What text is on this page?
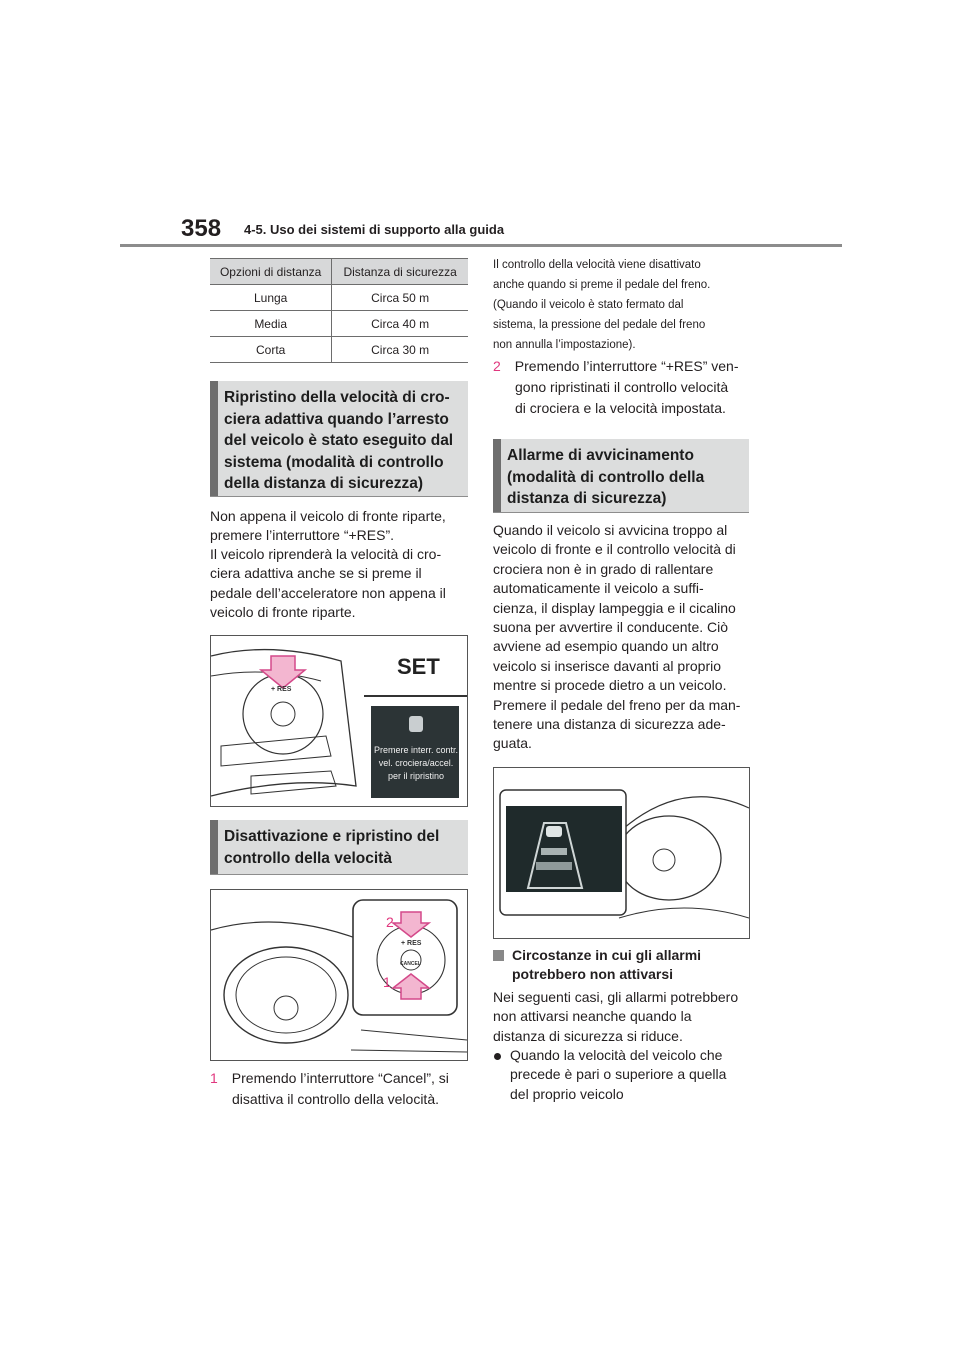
358 4-5. Uso dei sistemi di supporto alla guida
Opzioni di distanza	Distanza di sicurezza
Lunga	Circa 50 m
Media	Circa 40 m
Corta	Circa 30 m
Ripristino della velocità di cro-
ciera adattiva quando l’arresto
del veicolo è stato eseguito dal
sistema (modalità di controllo
della distanza di sicurezza)
Non appena il veicolo di fronte riparte,
premere l’interruttore “+RES”.
Il veicolo riprenderà la velocità di cro-
ciera adattiva anche se si preme il
pedale dell’acceleratore non appena il
veicolo di fronte riparte.
+ RES
SET
Premere interr. contr.
vel. crociera/accel.
per il ripristino
Disattivazione e ripristino del
controllo della velocità
+ RES
CANCEL
2
1
1 Premendo l’interruttore “Cancel”, si
disattiva il controllo della velocità.
Il controllo della velocità viene disattivato
anche quando si preme il pedale del freno.
(Quando il veicolo è stato fermato dal
sistema, la pressione del pedale del freno
non annulla l’impostazione).
2 Premendo l’interruttore “+RES” ven-
gono ripristinati il controllo velocità
di crociera e la velocità impostata.
Allarme di avvicinamento
(modalità di controllo della
distanza di sicurezza)
Quando il veicolo si avvicina troppo al
veicolo di fronte e il controllo velocità di
crociera non è in grado di rallentare
automaticamente il veicolo a suffi-
cienza, il display lampeggia e il cicalino
suona per avvertire il conducente. Ciò
avviene ad esempio quando un altro
veicolo si inserisce davanti al proprio
mentre si procede dietro a un veicolo.
Premere il pedale del freno per da man-
tenere una distanza di sicurezza ade-
guata.
Circostanze in cui gli allarmi
potrebbero non attivarsi
Nei seguenti casi, gli allarmi potrebbero
non attivarsi neanche quando la
distanza di sicurezza si riduce.
Quando la velocità del veicolo che
precede è pari o superiore a quella
del proprio veicolo
